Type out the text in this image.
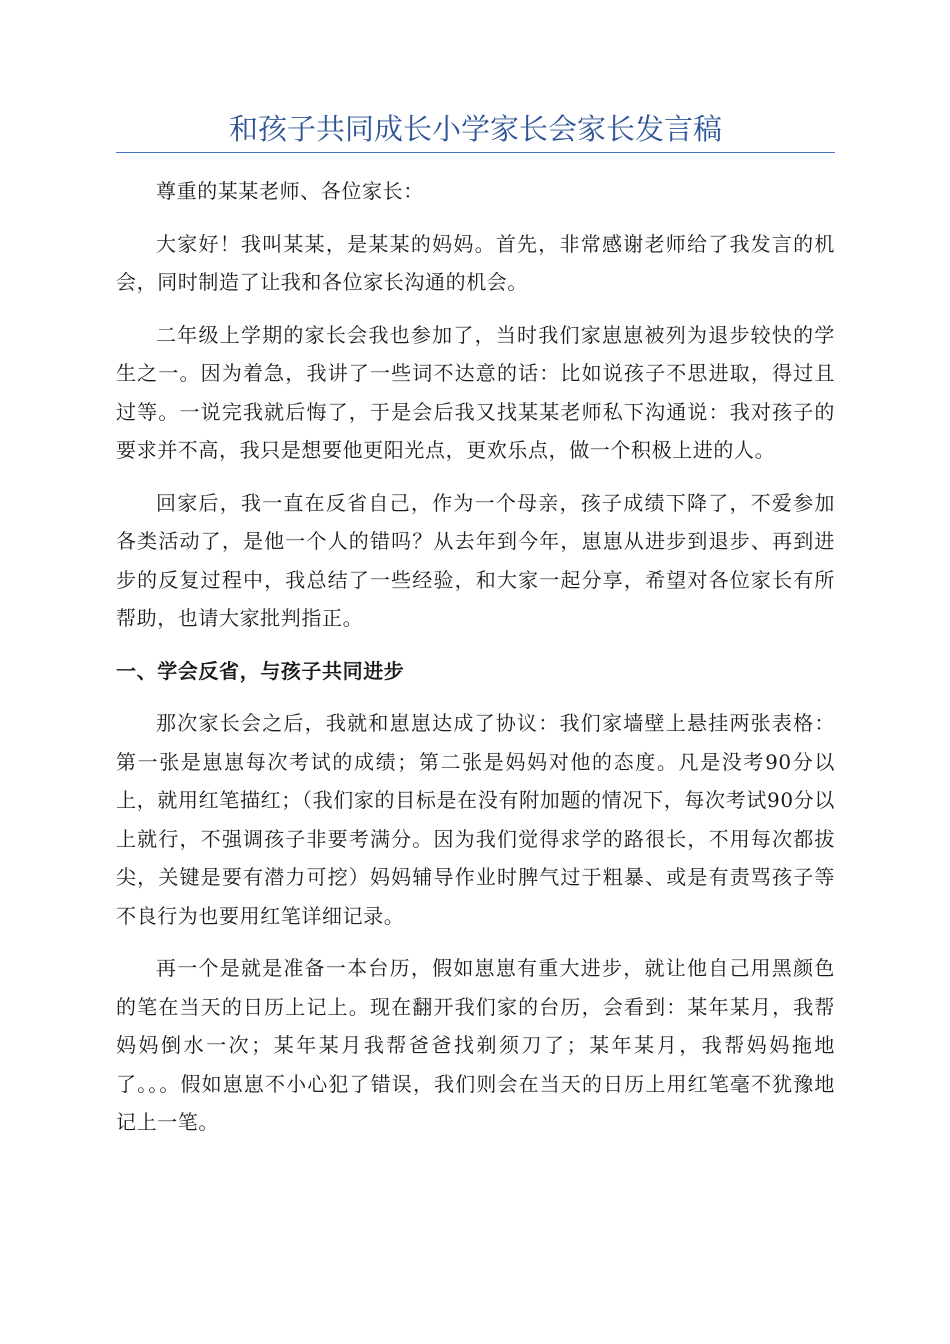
和孩子共同成长小学家长会家长发言稿

尊重的某某老师、各位家长：

大家好！我叫某某，是某某的妈妈。首先，非常感谢老师给了我发言的机会，同时制造了让我和各位家长沟通的机会。

二年级上学期的家长会我也参加了，当时我们家崽崽被列为退步较快的学生之一。因为着急，我讲了一些词不达意的话：比如说孩子不思进取，得过且过等。一说完我就后悔了，于是会后我又找某某老师私下沟通说：我对孩子的要求并不高，我只是想要他更阳光点，更欢乐点，做一个积极上进的人。

回家后，我一直在反省自己，作为一个母亲，孩子成绩下降了，不爱参加各类活动了，是他一个人的错吗？从去年到今年，崽崽从进步到退步、再到进步的反复过程中，我总结了一些经验，和大家一起分享，希望对各位家长有所帮助，也请大家批判指正。

一、学会反省，与孩子共同进步

那次家长会之后，我就和崽崽达成了协议：我们家墙壁上悬挂两张表格：第一张是崽崽每次考试的成绩；第二张是妈妈对他的态度。凡是没考90分以上，就用红笔描红；（我们家的目标是在没有附加题的情况下，每次考试90分以上就行，不强调孩子非要考满分。因为我们觉得求学的路很长，不用每次都拔尖，关键是要有潜力可挖）妈妈辅导作业时脾气过于粗暴、或是有责骂孩子等不良行为也要用红笔详细记录。

再一个是就是准备一本台历，假如崽崽有重大进步，就让他自己用黑颜色的笔在当天的日历上记上。现在翻开我们家的台历，会看到：某年某月，我帮妈妈倒水一次；某年某月我帮爸爸找剃须刀了；某年某月，我帮妈妈拖地了。。。假如崽崽不小心犯了错误，我们则会在当天的日历上用红笔毫不犹豫地记上一笔。
